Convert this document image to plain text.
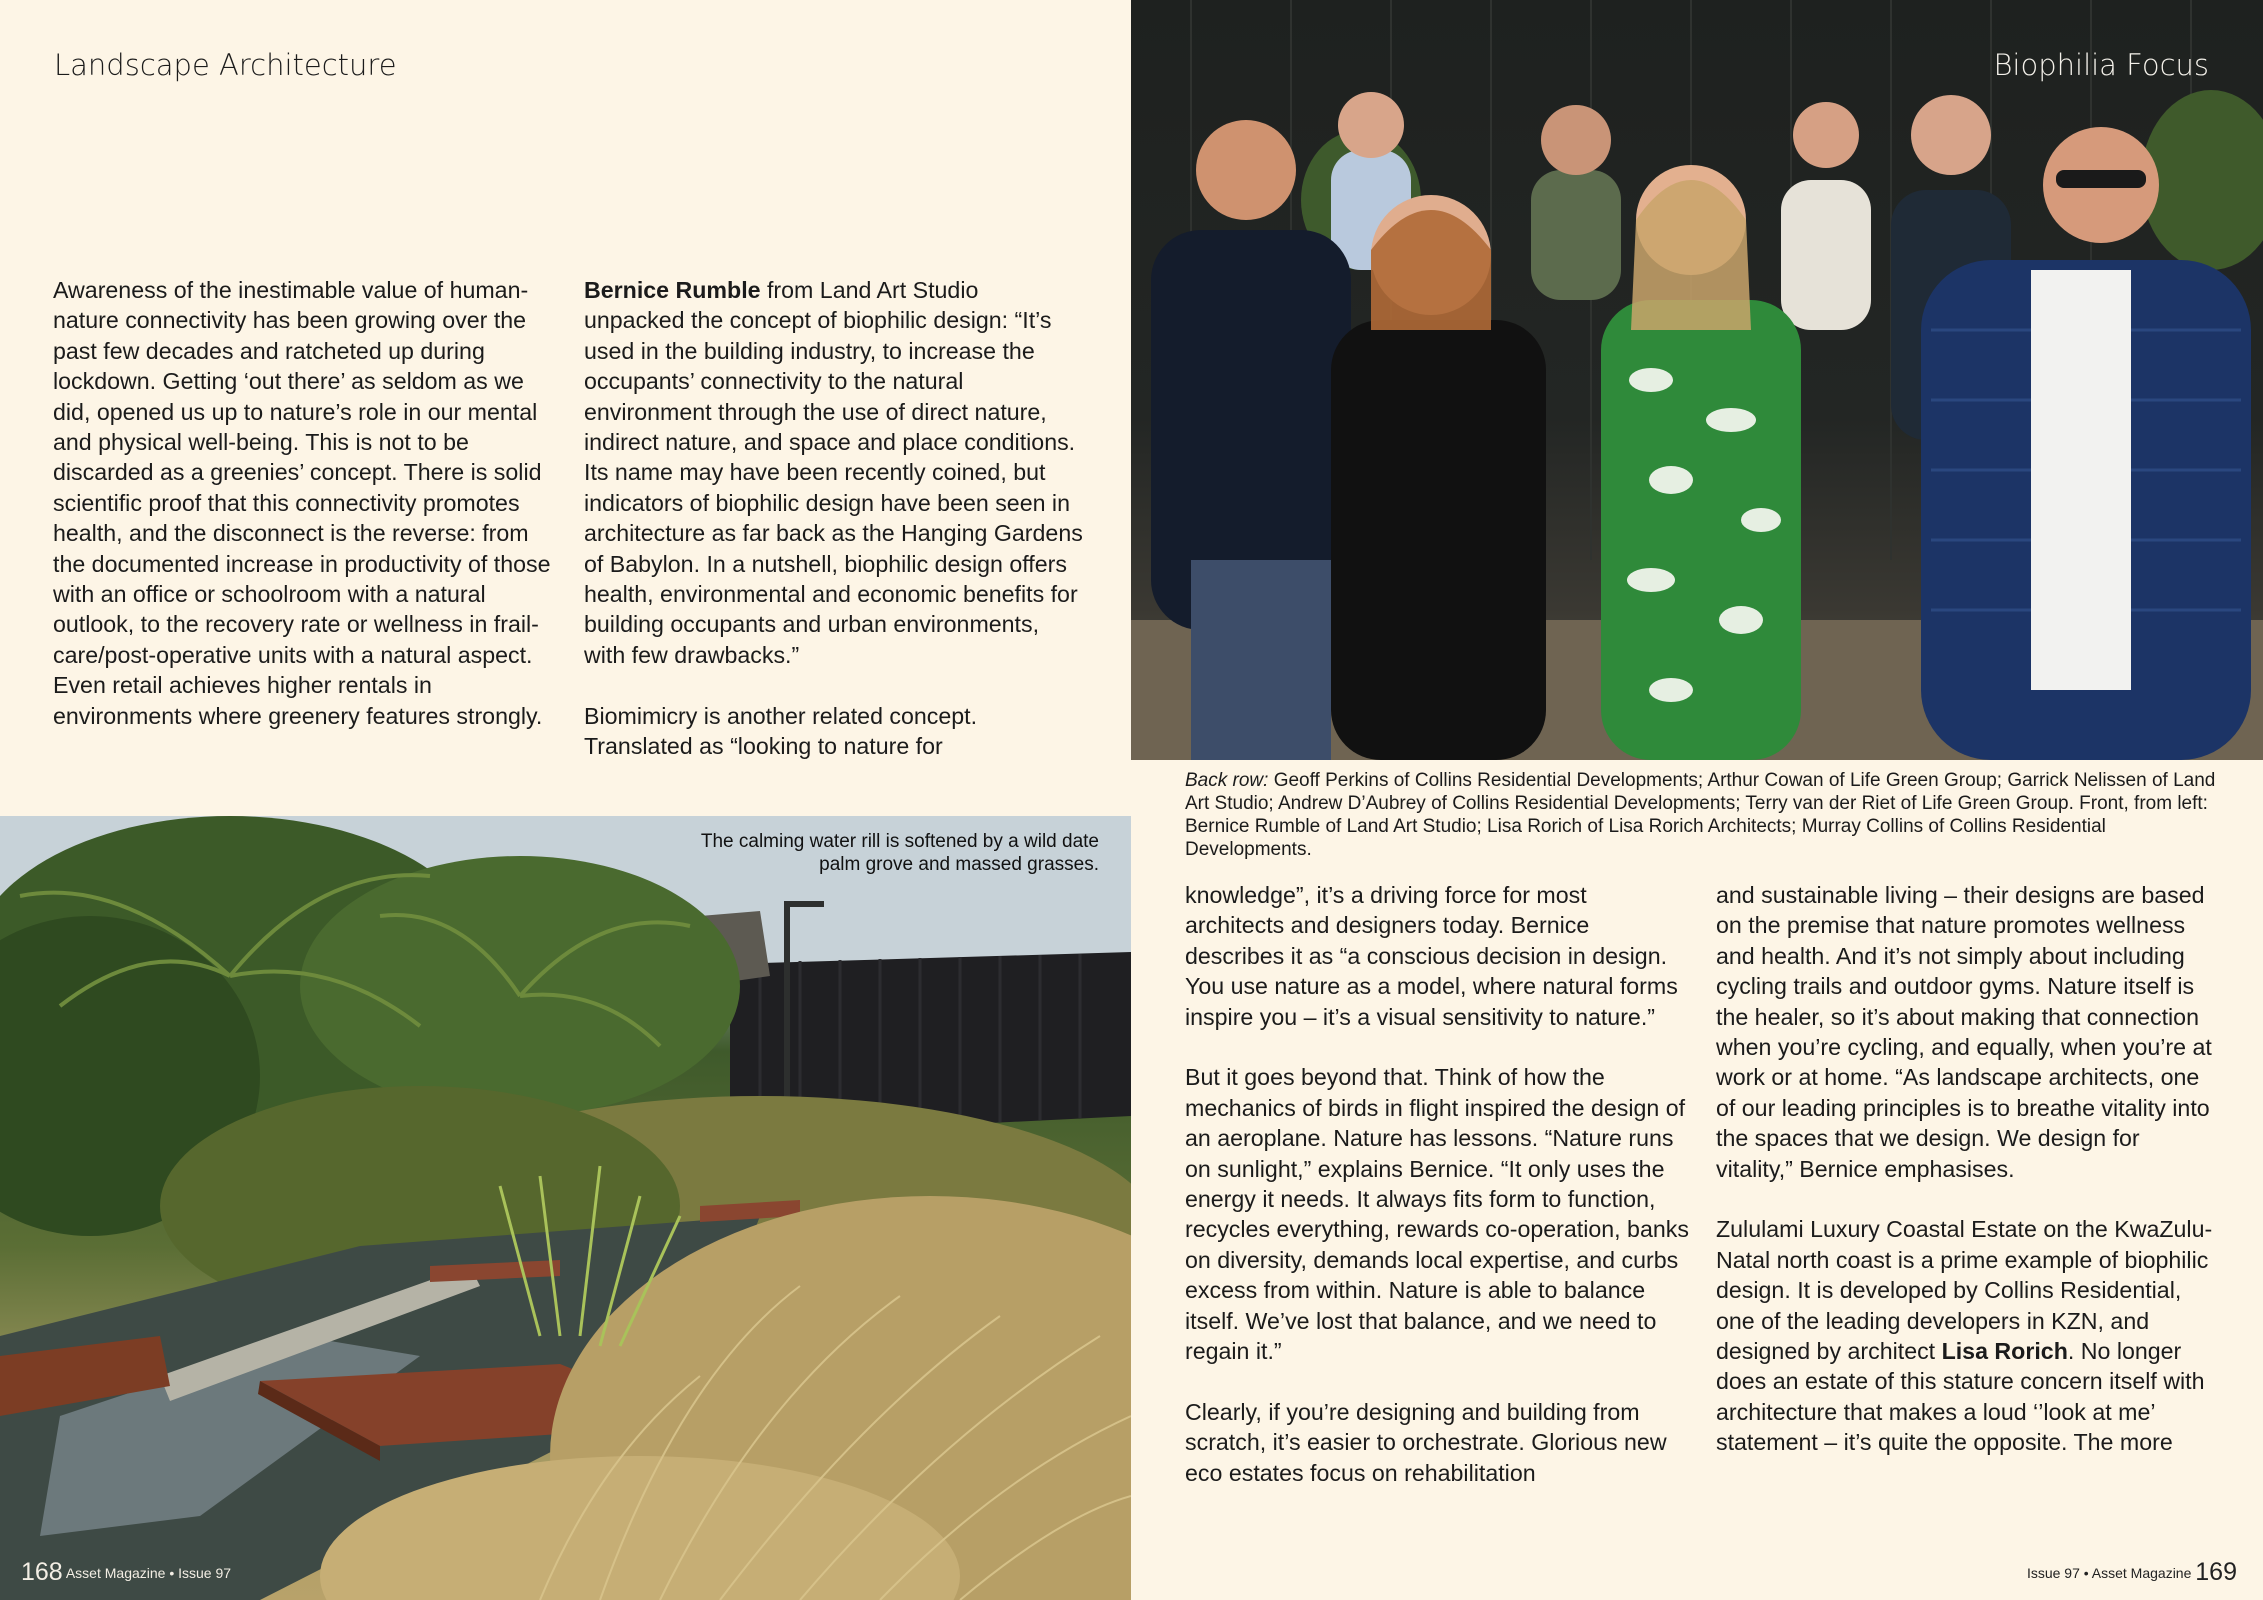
Landscape Architecture

Awareness of the inestimable value of human-nature connectivity has been growing over the past few decades and ratcheted up during lockdown. Getting ‘out there’ as seldom as we did, opened us up to nature’s role in our mental and physical well-being. This is not to be discarded as a greenies’ concept. There is solid scientific proof that this connectivity promotes health, and the disconnect is the reverse: from the documented increase in productivity of those with an office or schoolroom with a natural outlook, to the recovery rate or wellness in frail-care/post-operative units with a natural aspect. Even retail achieves higher rentals in environments where greenery features strongly.

Bernice Rumble from Land Art Studio unpacked the concept of biophilic design: “It’s used in the building industry, to increase the occupants’ connectivity to the natural environment through the use of direct nature, indirect nature, and space and place conditions. Its name may have been recently coined, but indicators of biophilic design have been seen in architecture as far back as the Hanging Gardens of Babylon. In a nutshell, biophilic design offers health, environmental and economic benefits for building occupants and urban environments, with few drawbacks.”

Biomimicry is another related concept. Translated as “looking to nature for

The calming water rill is softened by a wild date palm grove and massed grasses.
168 Asset Magazine • Issue 97
Biophilia Focus
Back row: Geoff Perkins of Collins Residential Developments; Arthur Cowan of Life Green Group; Garrick Nelissen of Land Art Studio; Andrew D’Aubrey of Collins Residential Developments; Terry van der Riet of Life Green Group. Front, from left: Bernice Rumble of Land Art Studio; Lisa Rorich of Lisa Rorich Architects; Murray Collins of Collins Residential Developments.

knowledge”, it’s a driving force for most architects and designers today. Bernice describes it as “a conscious decision in design. You use nature as a model, where natural forms inspire you – it’s a visual sensitivity to nature.”

But it goes beyond that. Think of how the mechanics of birds in flight inspired the design of an aeroplane. Nature has lessons. “Nature runs on sunlight,” explains Bernice. “It only uses the energy it needs. It always fits form to function, recycles everything, rewards co-operation, banks on diversity, demands local expertise, and curbs excess from within. Nature is able to balance itself. We’ve lost that balance, and we need to regain it.”

Clearly, if you’re designing and building from scratch, it’s easier to orchestrate. Glorious new eco estates focus on rehabilitation

and sustainable living – their designs are based on the premise that nature promotes wellness and health. And it’s not simply about including cycling trails and outdoor gyms. Nature itself is the healer, so it’s about making that connection when you’re cycling, and equally, when you’re at work or at home. “As landscape architects, one of our leading principles is to breathe vitality into the spaces that we design. We design for vitality,” Bernice emphasises.

Zululami Luxury Coastal Estate on the KwaZulu-Natal north coast is a prime example of biophilic design. It is developed by Collins Residential, one of the leading developers in KZN, and designed by architect Lisa Rorich. No longer does an estate of this stature concern itself with architecture that makes a loud ‘’look at me’ statement – it’s quite the opposite. The more

Issue 97 • Asset Magazine 169
